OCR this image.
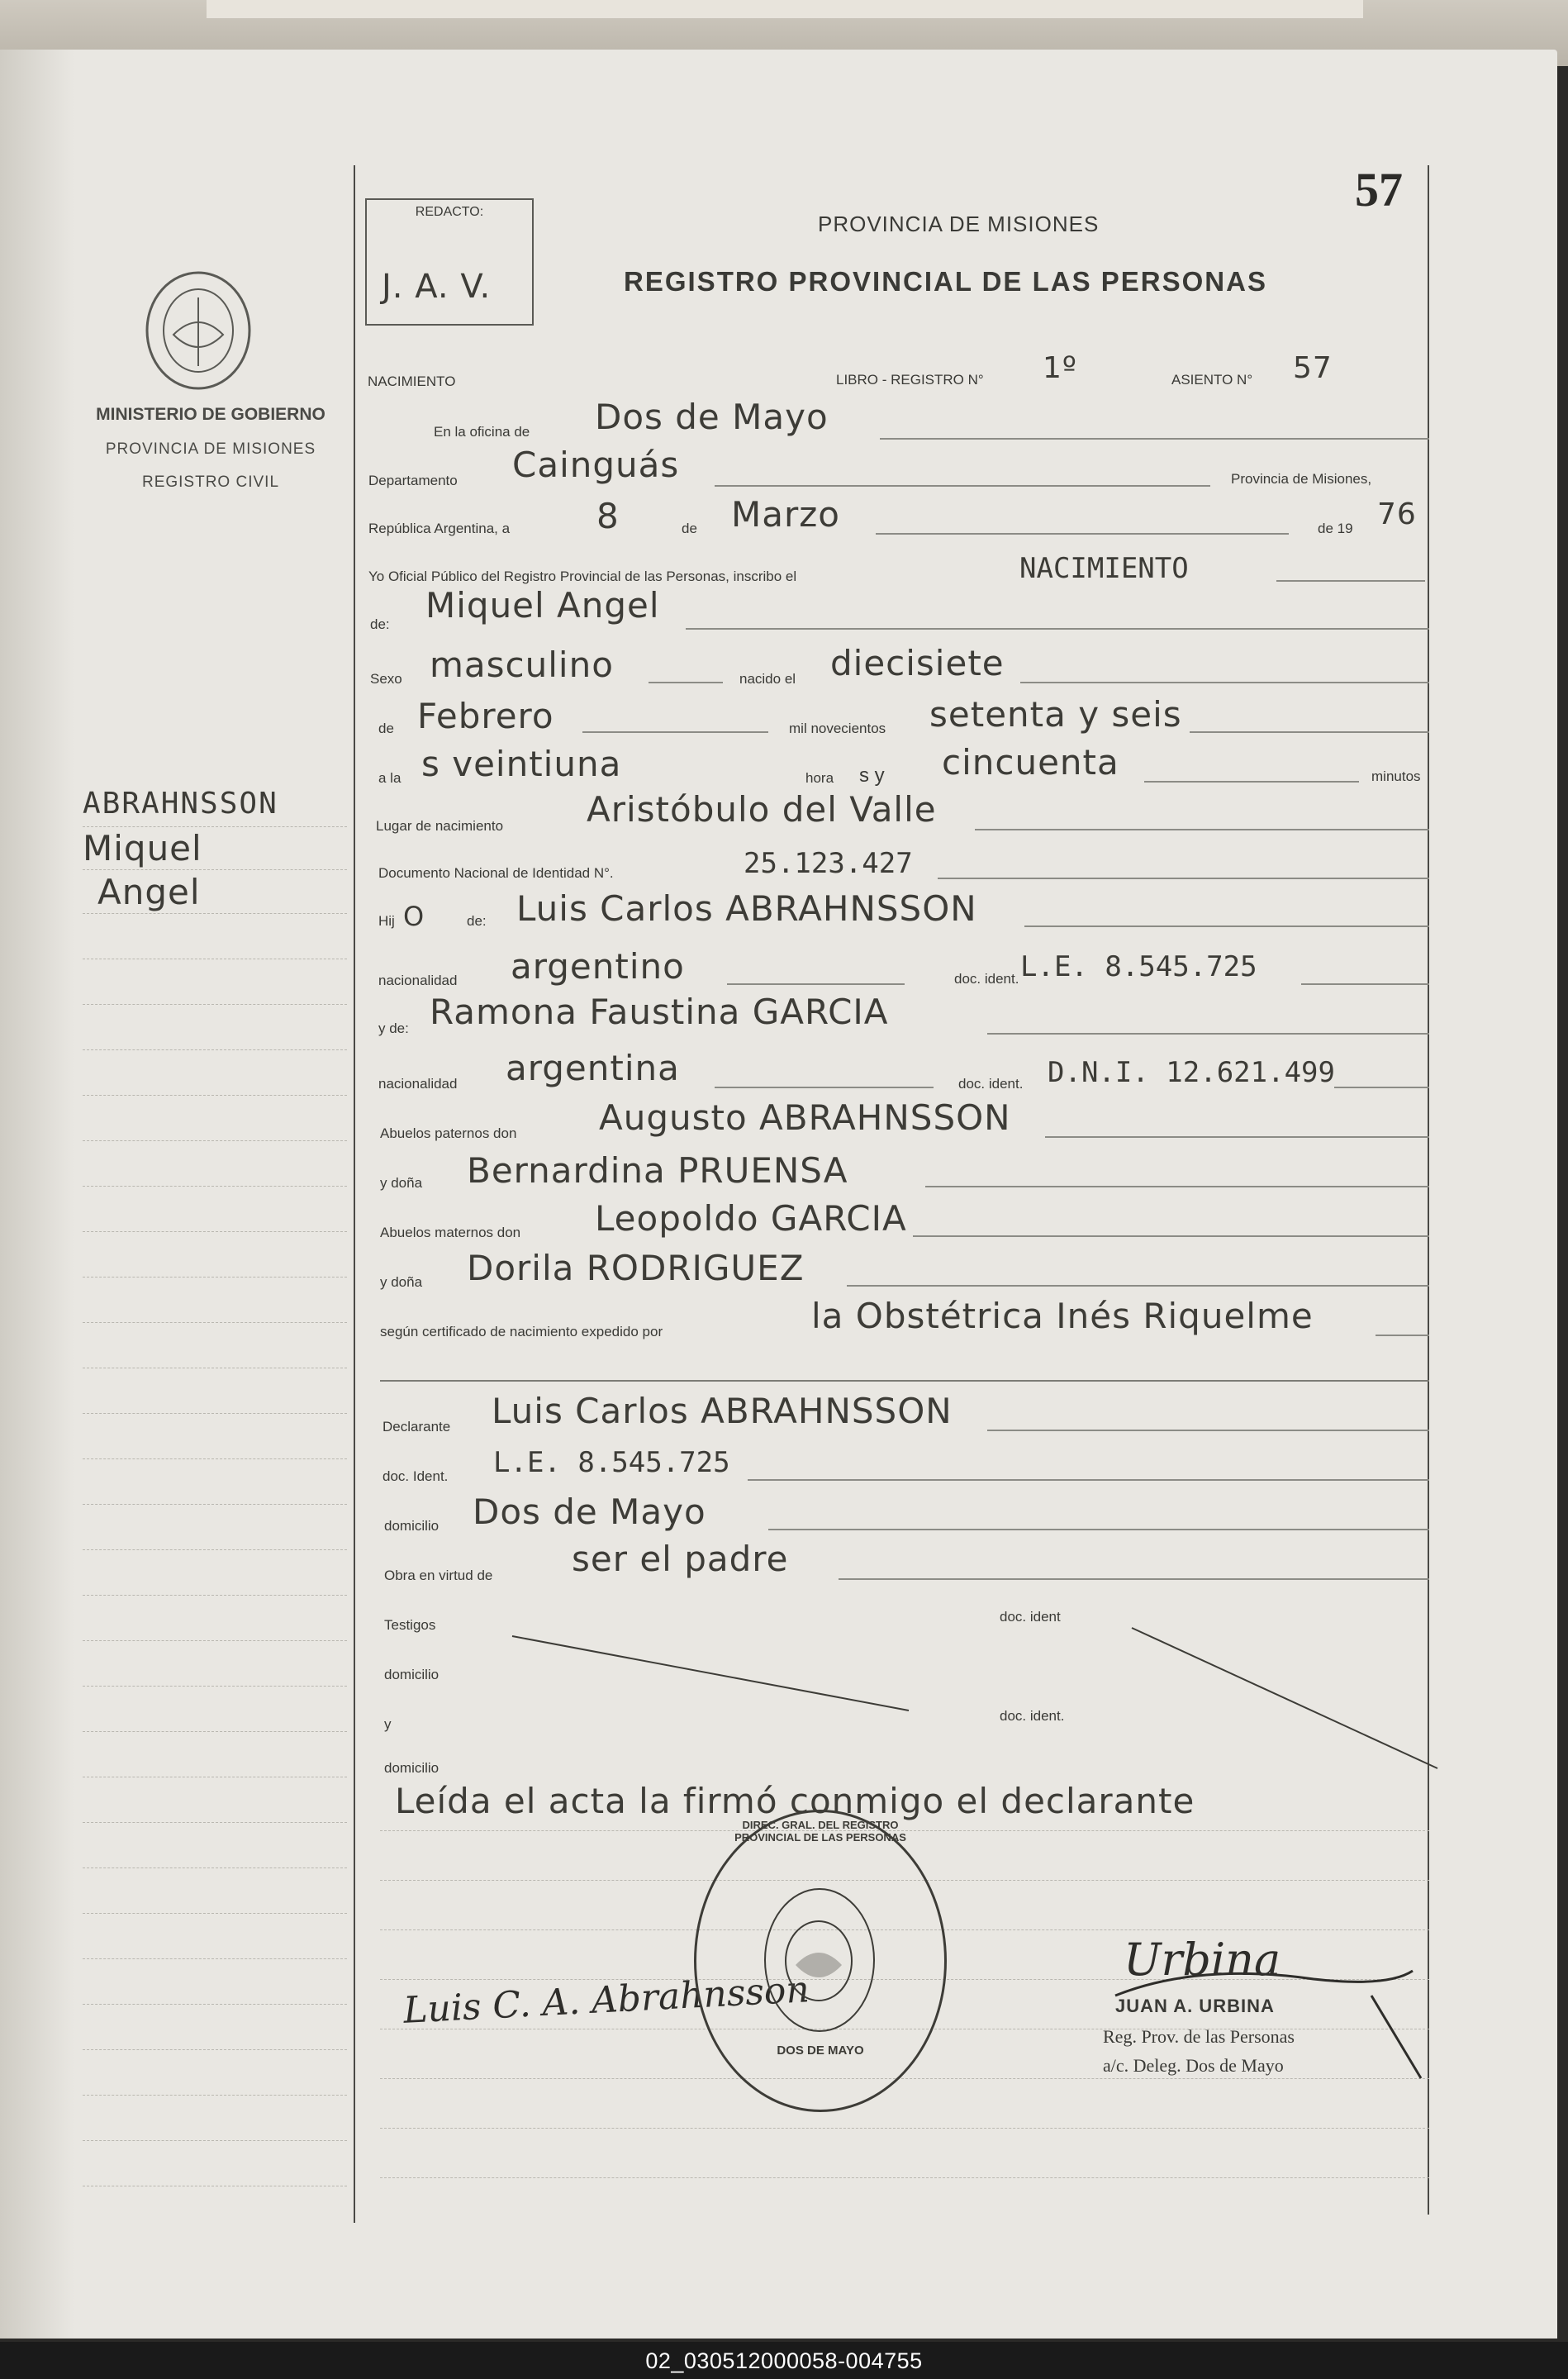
57
REDACTO:
J. A. V.
PROVINCIA DE MISIONES
REGISTRO PROVINCIAL DE LAS PERSONAS
MINISTERIO DE GOBIERNO
PROVINCIA DE MISIONES
REGISTRO CIVIL
ABRAHNSSON
Miquel
Angel
NACIMIENTO	LIBRO - REGISTRO N° 1º	ASIENTO N° 57
En la oficina de Dos de Mayo
Departamento Cainguás	Provincia de Misiones,
República Argentina, a 8	de Marzo	de 19 76
Yo Oficial Público del Registro Provincial de las Personas, inscribo el	NACIMIENTO
de: Miquel Angel
Sexo masculino	nacido el diecisiete
de Febrero	mil novecientos setenta y seis
a la s veintiuna	hora s y cincuenta	minutos
Lugar de nacimiento Aristóbulo del Valle
Documento Nacional de Identidad N°.	25.123.427
Hij O	de: Luis Carlos ABRAHNSSON
nacionalidad argentino	doc. ident. L.E. 8.545.725
y de: Ramona Faustina GARCIA
nacionalidad argentina	doc. ident. D.N.I. 12.621.499
Abuelos paternos don Augusto ABRAHNSSON
y doña Bernardina PRUENSA
Abuelos maternos don Leopoldo GARCIA
y doña Dorila RODRIGUEZ
según certificado de nacimiento expedido por	la Obstétrica Inés Riquelme
Declarante Luis Carlos ABRAHNSSON
doc. Ident. L.E. 8.545.725
domicilio Dos de Mayo
Obra en virtud de ser el padre
Testigos
doc. ident
domicilio
y
doc. ident.
domicilio
Leída el acta la firmó conmigo el declarante
Luis C. A. Abrahnsson
DIREC. GRAL. DEL REGISTRO PROVINCIAL DE LAS PERSONAS
DOS DE MAYO
Urbina
JUAN A. URBINA
Reg. Prov. de las Personas
a/c. Deleg. Dos de Mayo
02_030512000058-004755
